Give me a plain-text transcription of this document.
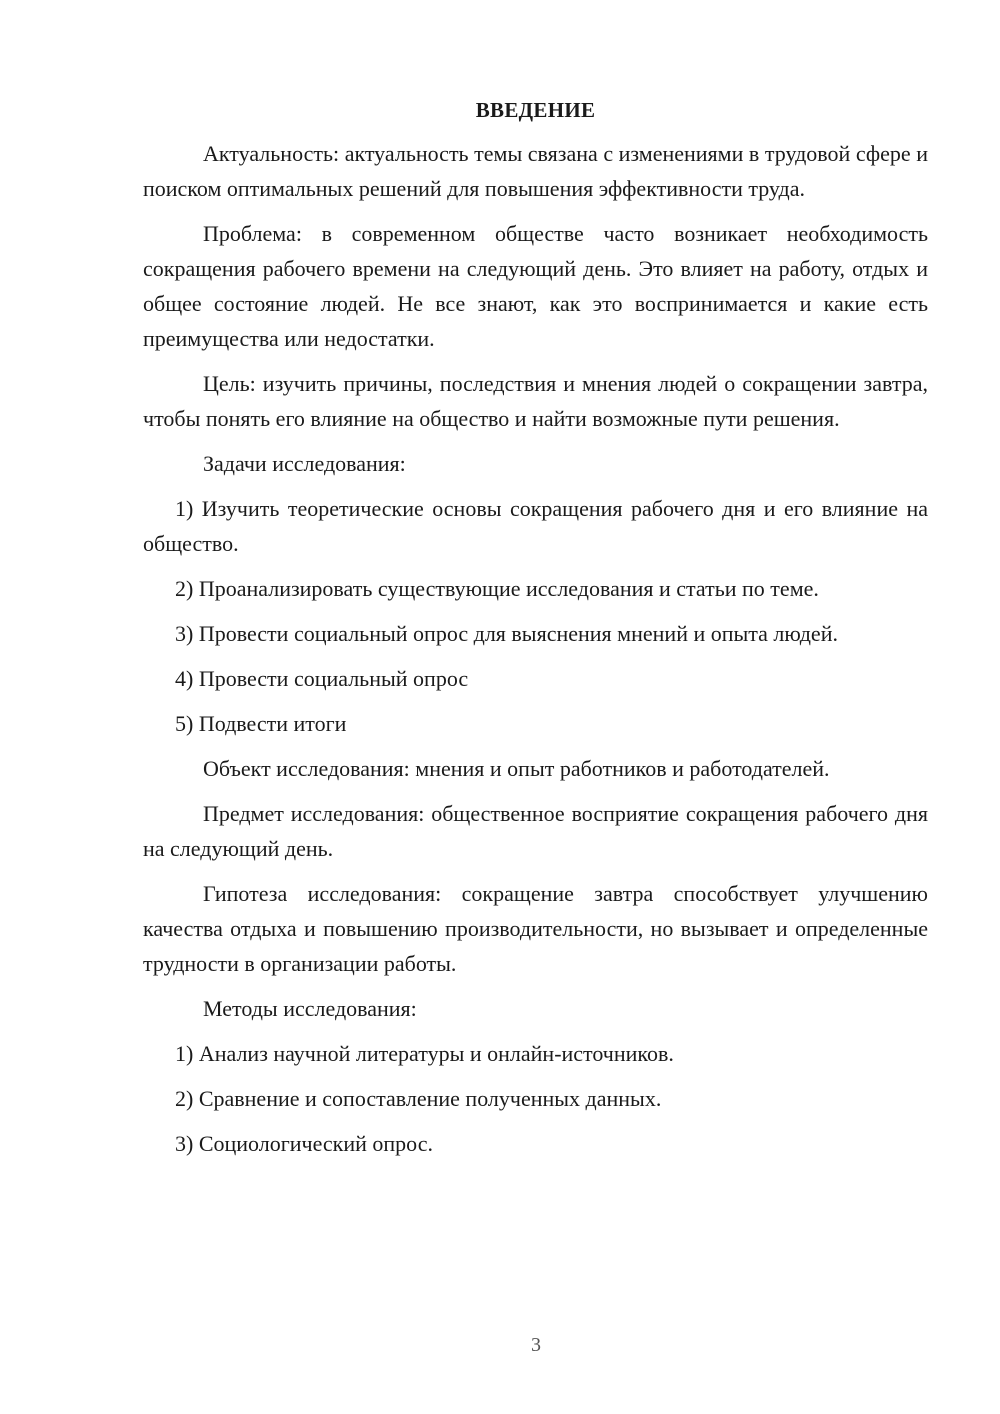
ВВЕДЕНИЕ

Актуальность: актуальность темы связана с изменениями в трудовой сфере и поиском оптимальных решений для повышения эффективности труда.

Проблема: в современном обществе часто возникает необходимость сокращения рабочего времени на следующий день. Это влияет на работу, отдых и общее состояние людей. Не все знают, как это воспринимается и какие есть преимущества или недостатки.

Цель: изучить причины, последствия и мнения людей о сокращении завтра, чтобы понять его влияние на общество и найти возможные пути решения.

Задачи исследования:

1) Изучить теоретические основы сокращения рабочего дня и его влияние на общество.

2) Проанализировать существующие исследования и статьи по теме.

3) Провести социальный опрос для выяснения мнений и опыта людей.

4) Провести социальный опрос

5) Подвести итоги

Объект исследования: мнения и опыт работников и работодателей.

Предмет исследования: общественное восприятие сокращения рабочего дня на следующий день.

Гипотеза исследования: сокращение завтра способствует улучшению качества отдыха и повышению производительности, но вызывает и определенные трудности в организации работы.

Методы исследования:

1) Анализ научной литературы и онлайн-источников.

2) Сравнение и сопоставление полученных данных.

3) Социологический опрос.

3
